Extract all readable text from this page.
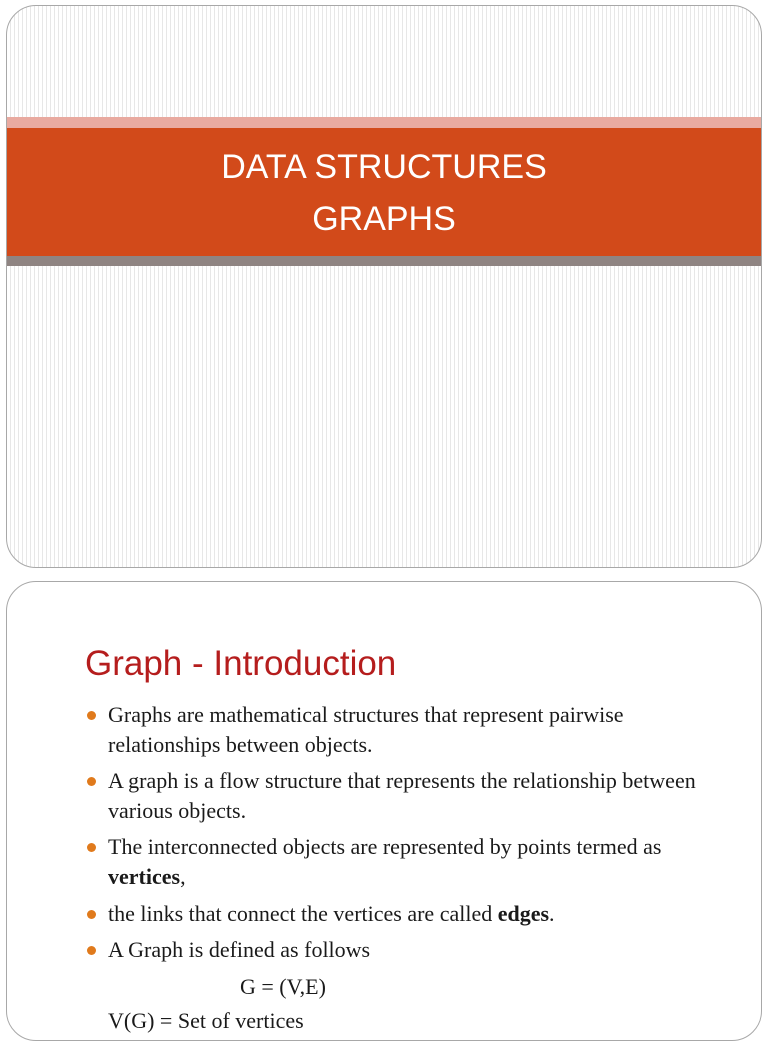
DATA STRUCTURES
GRAPHS
Graph - Introduction
Graphs are mathematical structures that represent pairwise relationships between objects.
A graph is a flow structure that represents the relationship between various objects.
The interconnected objects are represented by points termed as vertices,
the links that connect the vertices are called edges.
A Graph is defined as follows
G = (V,E)
V(G) = Set of vertices
